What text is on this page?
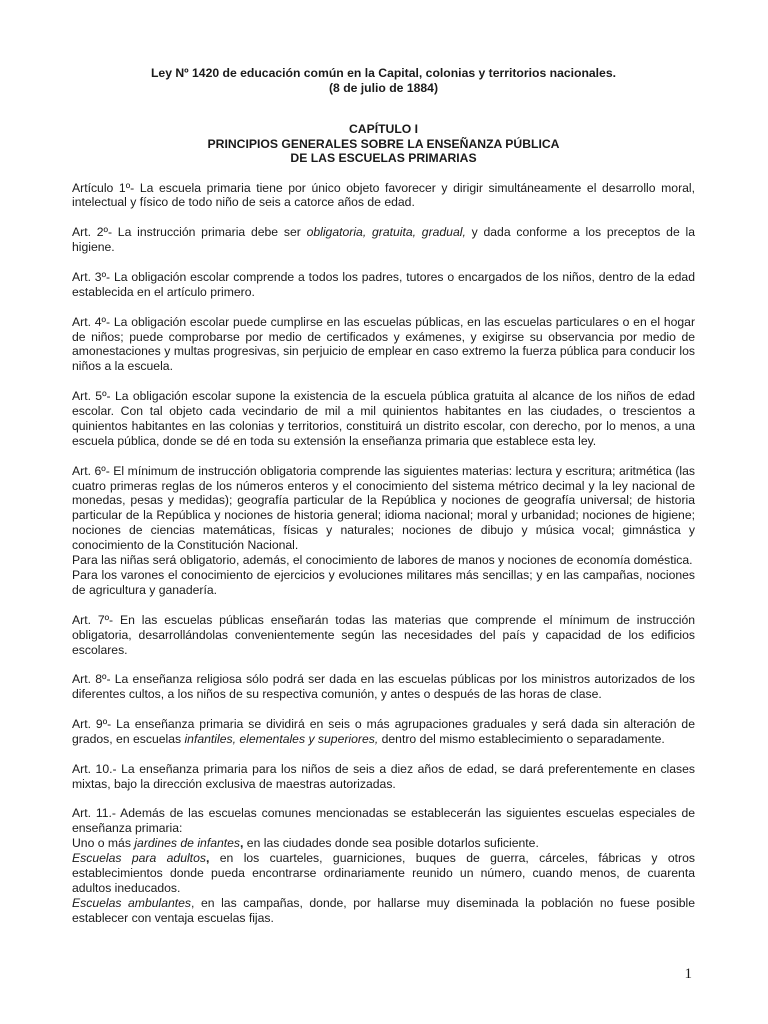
Ley Nº 1420 de educación común en la Capital, colonias y territorios nacionales.

(8 de julio de 1884)

CAPÍTULO I

PRINCIPIOS GENERALES SOBRE LA ENSEÑANZA PÚBLICA

DE LAS ESCUELAS PRIMARIAS

Artículo 1º- La escuela primaria tiene por único objeto favorecer y dirigir simultáneamente el desarrollo moral, intelectual y físico de todo niño de seis a catorce años de edad.

Art. 2º- La instrucción primaria debe ser obligatoria, gratuita, gradual, y dada conforme a los preceptos de la higiene.

Art. 3º- La obligación escolar comprende a todos los padres, tutores o encargados de los niños, dentro de la edad establecida en el artículo primero.

Art. 4º- La obligación escolar puede cumplirse en las escuelas públicas, en las escuelas particulares o en el hogar de niños; puede comprobarse por medio de certificados y exámenes, y exigirse su observancia por medio de amonestaciones y multas progresivas, sin perjuicio de emplear en caso extremo la fuerza pública para conducir los niños a la escuela.

Art. 5º- La obligación escolar supone la existencia de la escuela pública gratuita al alcance de los niños de edad escolar. Con tal objeto cada vecindario de mil a mil quinientos habitantes en las ciudades, o trescientos a quinientos habitantes en las colonias y territorios, constituirá un distrito escolar, con derecho, por lo menos, a una escuela pública, donde se dé en toda su extensión la enseñanza primaria que establece esta ley.

Art. 6º- El mínimum de instrucción obligatoria comprende las siguientes materias: lectura y escritura; aritmética (las cuatro primeras reglas de los números enteros y el conocimiento del sistema métrico decimal y la ley nacional de monedas, pesas y medidas); geografía particular de la República y nociones de geografía universal; de historia particular de la República y nociones de historia general; idioma nacional; moral y urbanidad; nociones de higiene; nociones de ciencias matemáticas, físicas y naturales; nociones de dibujo y música vocal; gimnástica y conocimiento de la Constitución Nacional.

Para las niñas será obligatorio, además, el conocimiento de labores de manos y nociones de economía doméstica.

Para los varones el conocimiento de ejercicios y evoluciones militares más sencillas; y en las campañas, nociones de agricultura y ganadería.

Art. 7º- En las escuelas públicas enseñarán todas las materias que comprende el mínimum de instrucción obligatoria, desarrollándolas convenientemente según las necesidades del país y capacidad de los edificios escolares.

Art. 8º- La enseñanza religiosa sólo podrá ser dada en las escuelas públicas por los ministros autorizados de los diferentes cultos, a los niños de su respectiva comunión, y antes o después de las horas de clase.

Art. 9º- La enseñanza primaria se dividirá en seis o más agrupaciones graduales y será dada sin alteración de grados, en escuelas infantiles, elementales y superiores, dentro del mismo establecimiento o separadamente.

Art. 10.- La enseñanza primaria para los niños de seis a diez años de edad, se dará preferentemente en clases mixtas, bajo la dirección exclusiva de maestras autorizadas.

Art. 11.- Además de las escuelas comunes mencionadas se establecerán las siguientes escuelas especiales de enseñanza primaria:

Uno o más jardines de infantes, en las ciudades donde sea posible dotarlos suficiente.

Escuelas para adultos, en los cuarteles, guarniciones, buques de guerra, cárceles, fábricas y otros establecimientos donde pueda encontrarse ordinariamente reunido un número, cuando menos, de cuarenta adultos ineducados.

Escuelas ambulantes, en las campañas, donde, por hallarse muy diseminada la población no fuese posible establecer con ventaja escuelas fijas.

1
